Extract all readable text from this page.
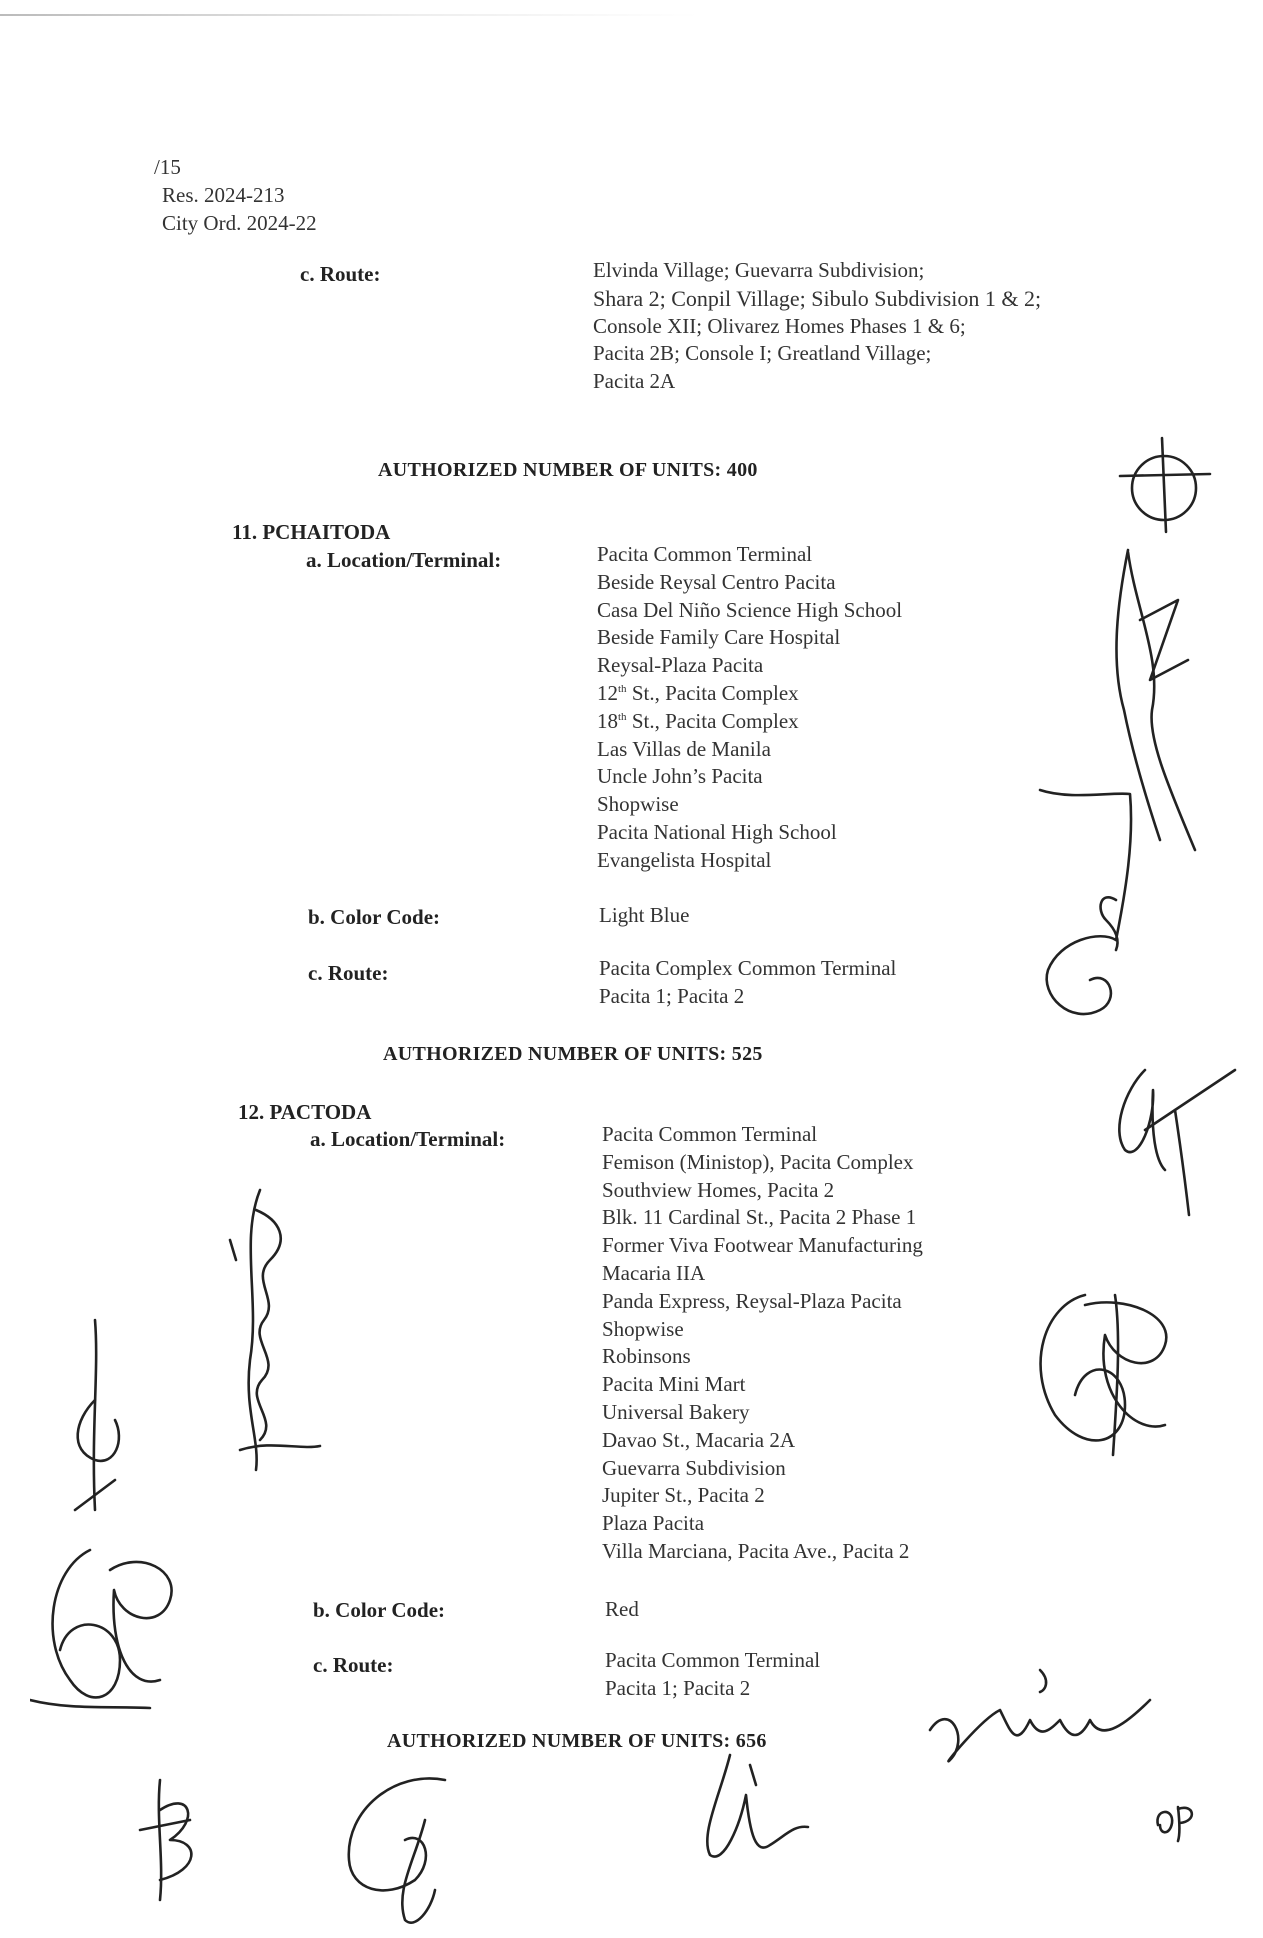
/15
Res. 2024-213
City Ord. 2024-22
c. Route:	Elvinda Village; Guevarra Subdivision;
Shara 2; Conpil Village; Sibulo Subdivision 1 & 2;
Console XII; Olivarez Homes Phases 1 & 6;
Pacita 2B; Console I; Greatland Village;
Pacita 2A
AUTHORIZED NUMBER OF UNITS: 400
11. PCHAITODA
a. Location/Terminal:	Pacita Common Terminal
Beside Reysal Centro Pacita
Casa Del Niño Science High School
Beside Family Care Hospital
Reysal-Plaza Pacita
12th St., Pacita Complex
18th St., Pacita Complex
Las Villas de Manila
Uncle John’s Pacita
Shopwise
Pacita National High School
Evangelista Hospital
b. Color Code:	Light Blue
c. Route:	Pacita Complex Common Terminal
Pacita 1; Pacita 2
AUTHORIZED NUMBER OF UNITS: 525
12. PACTODA
a. Location/Terminal:	Pacita Common Terminal
Femison (Ministop), Pacita Complex
Southview Homes, Pacita 2
Blk. 11 Cardinal St., Pacita 2 Phase 1
Former Viva Footwear Manufacturing
Macaria IIA
Panda Express, Reysal-Plaza Pacita
Shopwise
Robinsons
Pacita Mini Mart
Universal Bakery
Davao St., Macaria 2A
Guevarra Subdivision
Jupiter St., Pacita 2
Plaza Pacita
Villa Marciana, Pacita Ave., Pacita 2
b. Color Code:	Red
c. Route:	Pacita Common Terminal
Pacita 1; Pacita 2
AUTHORIZED NUMBER OF UNITS: 656
